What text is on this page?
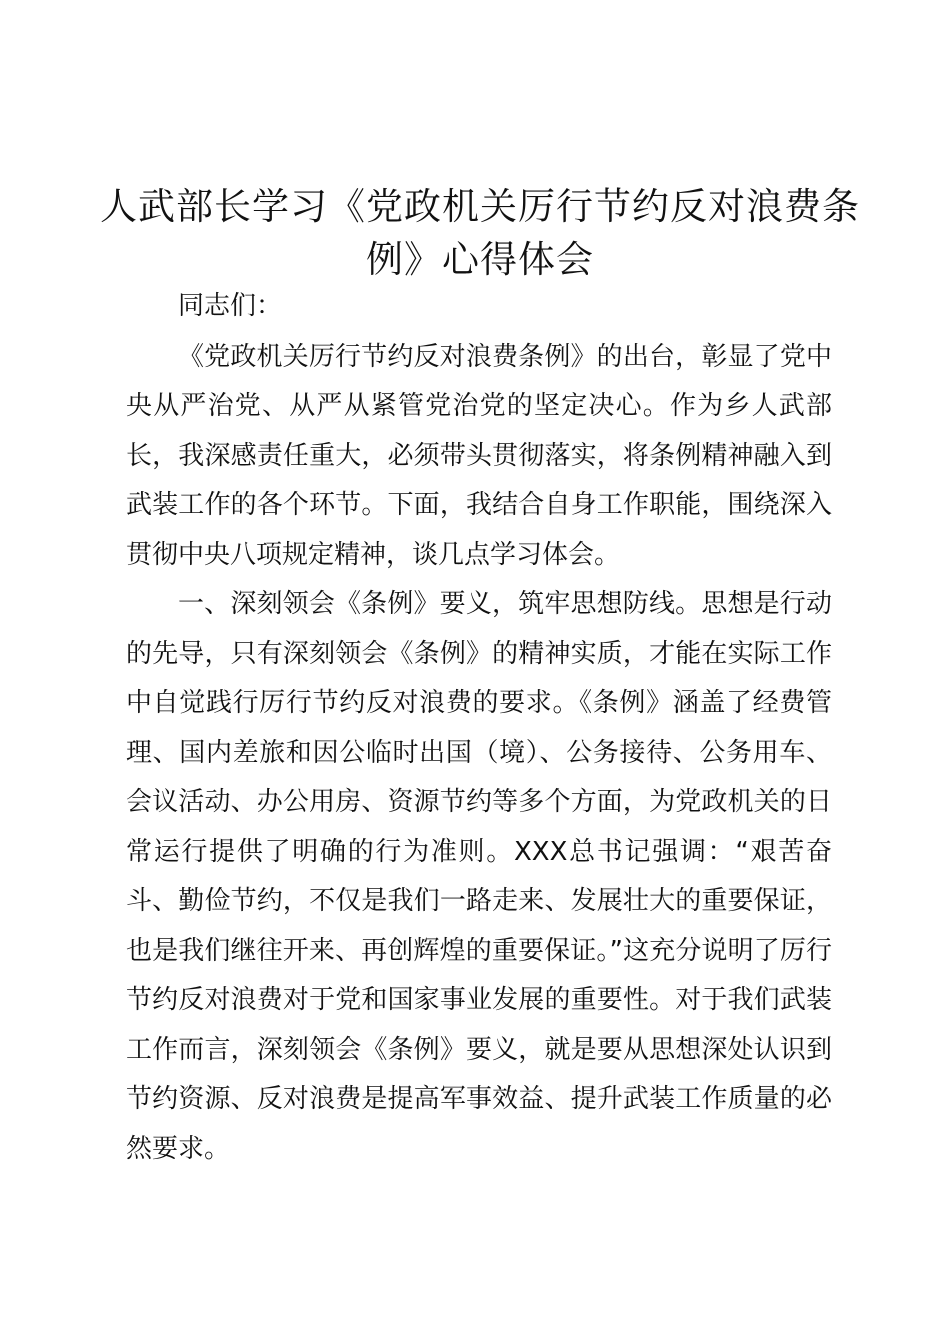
人武部长学习《党政机关厉行节约反对浪费条例》心得体会

同志们：

《党政机关厉行节约反对浪费条例》的出台，彰显了党中央从严治党、从严从紧管党治党的坚定决心。作为乡人武部长，我深感责任重大，必须带头贯彻落实，将条例精神融入到武装工作的各个环节。下面，我结合自身工作职能，围绕深入贯彻中央八项规定精神，谈几点学习体会。

一、深刻领会《条例》要义，筑牢思想防线。思想是行动的先导，只有深刻领会《条例》的精神实质，才能在实际工作中自觉践行厉行节约反对浪费的要求。《条例》涵盖了经费管理、国内差旅和因公临时出国（境）、公务接待、公务用车、会议活动、办公用房、资源节约等多个方面，为党政机关的日常运行提供了明确的行为准则。XXX总书记强调：“艰苦奋斗、勤俭节约，不仅是我们一路走来、发展壮大的重要保证，也是我们继往开来、再创辉煌的重要保证。”这充分说明了厉行节约反对浪费对于党和国家事业发展的重要性。对于我们武装工作而言，深刻领会《条例》要义，就是要从思想深处认识到节约资源、反对浪费是提高军事效益、提升武装工作质量的必然要求。
